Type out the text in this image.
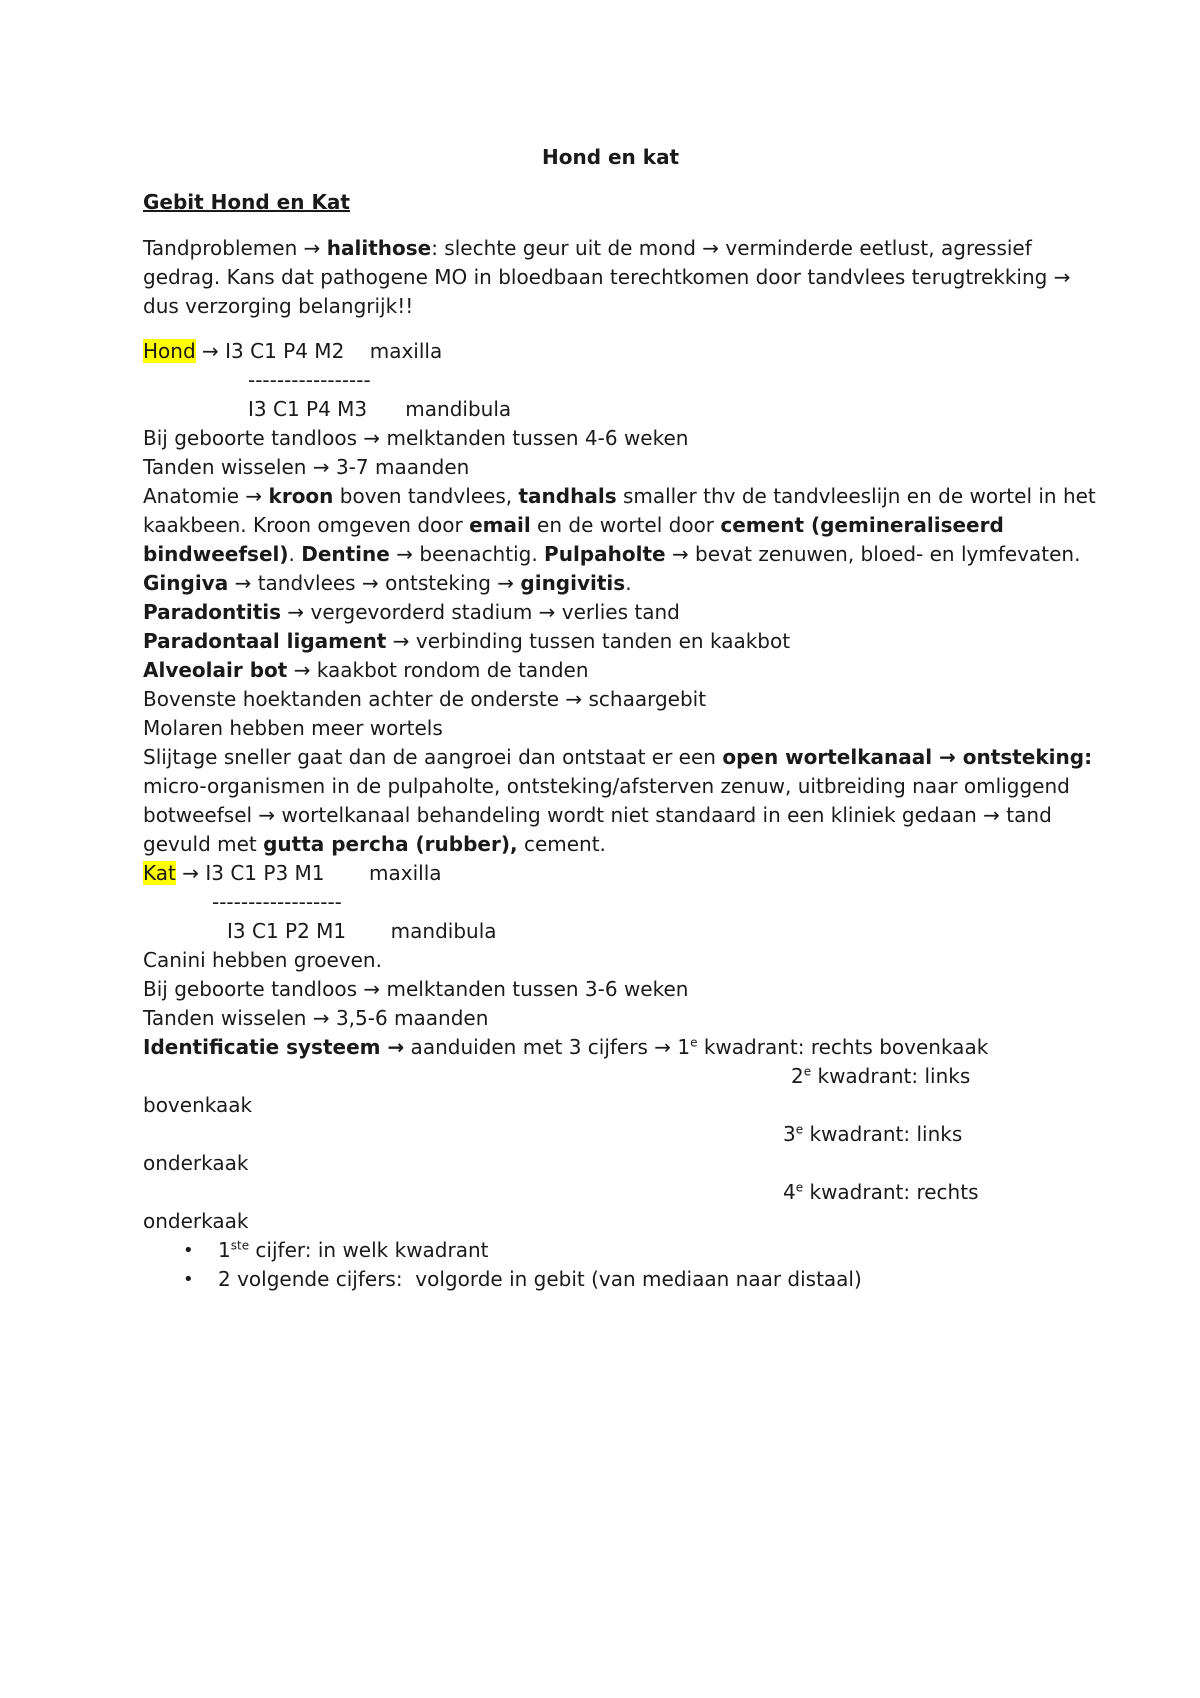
Hond en kat
Gebit Hond en Kat
Tandproblemen → halithose: slechte geur uit de mond → verminderde eetlust, agressief
gedrag. Kans dat pathogene MO in bloedbaan terechtkomen door tandvlees terugtrekking →
dus verzorging belangrijk!!
Hond → I3 C1 P4 M2    maxilla
-----------------
I3 C1 P4 M3      mandibula
Bij geboorte tandloos → melktanden tussen 4-6 weken
Tanden wisselen → 3-7 maanden
Anatomie → kroon boven tandvlees, tandhals smaller thv de tandvleeslijn en de wortel in het
kaakbeen. Kroon omgeven door email en de wortel door cement (gemineraliseerd
bindweefsel). Dentine → beenachtig. Pulpaholte → bevat zenuwen, bloed- en lymfevaten.
Gingiva → tandvlees → ontsteking → gingivitis.
Paradontitis → vergevorderd stadium → verlies tand
Paradontaal ligament → verbinding tussen tanden en kaakbot
Alveolair bot → kaakbot rondom de tanden
Bovenste hoektanden achter de onderste → schaargebit
Molaren hebben meer wortels
Slijtage sneller gaat dan de aangroei dan ontstaat er een open wortelkanaal → ontsteking:
micro-organismen in de pulpaholte, ontsteking/afsterven zenuw, uitbreiding naar omliggend
botweefsel → wortelkanaal behandeling wordt niet standaard in een kliniek gedaan → tand
gevuld met gutta percha (rubber), cement.
Kat → I3 C1 P3 M1       maxilla
------------------
I3 C1 P2 M1       mandibula
Canini hebben groeven.
Bij geboorte tandloos → melktanden tussen 3-6 weken
Tanden wisselen → 3,5-6 maanden
Identificatie systeem → aanduiden met 3 cijfers → $1^e$ kwadrant: rechts bovenkaak
2e kwadrant: links
bovenkaak
3e kwadrant: links
onderkaak
4e kwadrant: rechts
onderkaak
• 1ste cijfer: in welk kwadrant
• 2 volgende cijfers:  volgorde in gebit (van mediaan naar distaal)
